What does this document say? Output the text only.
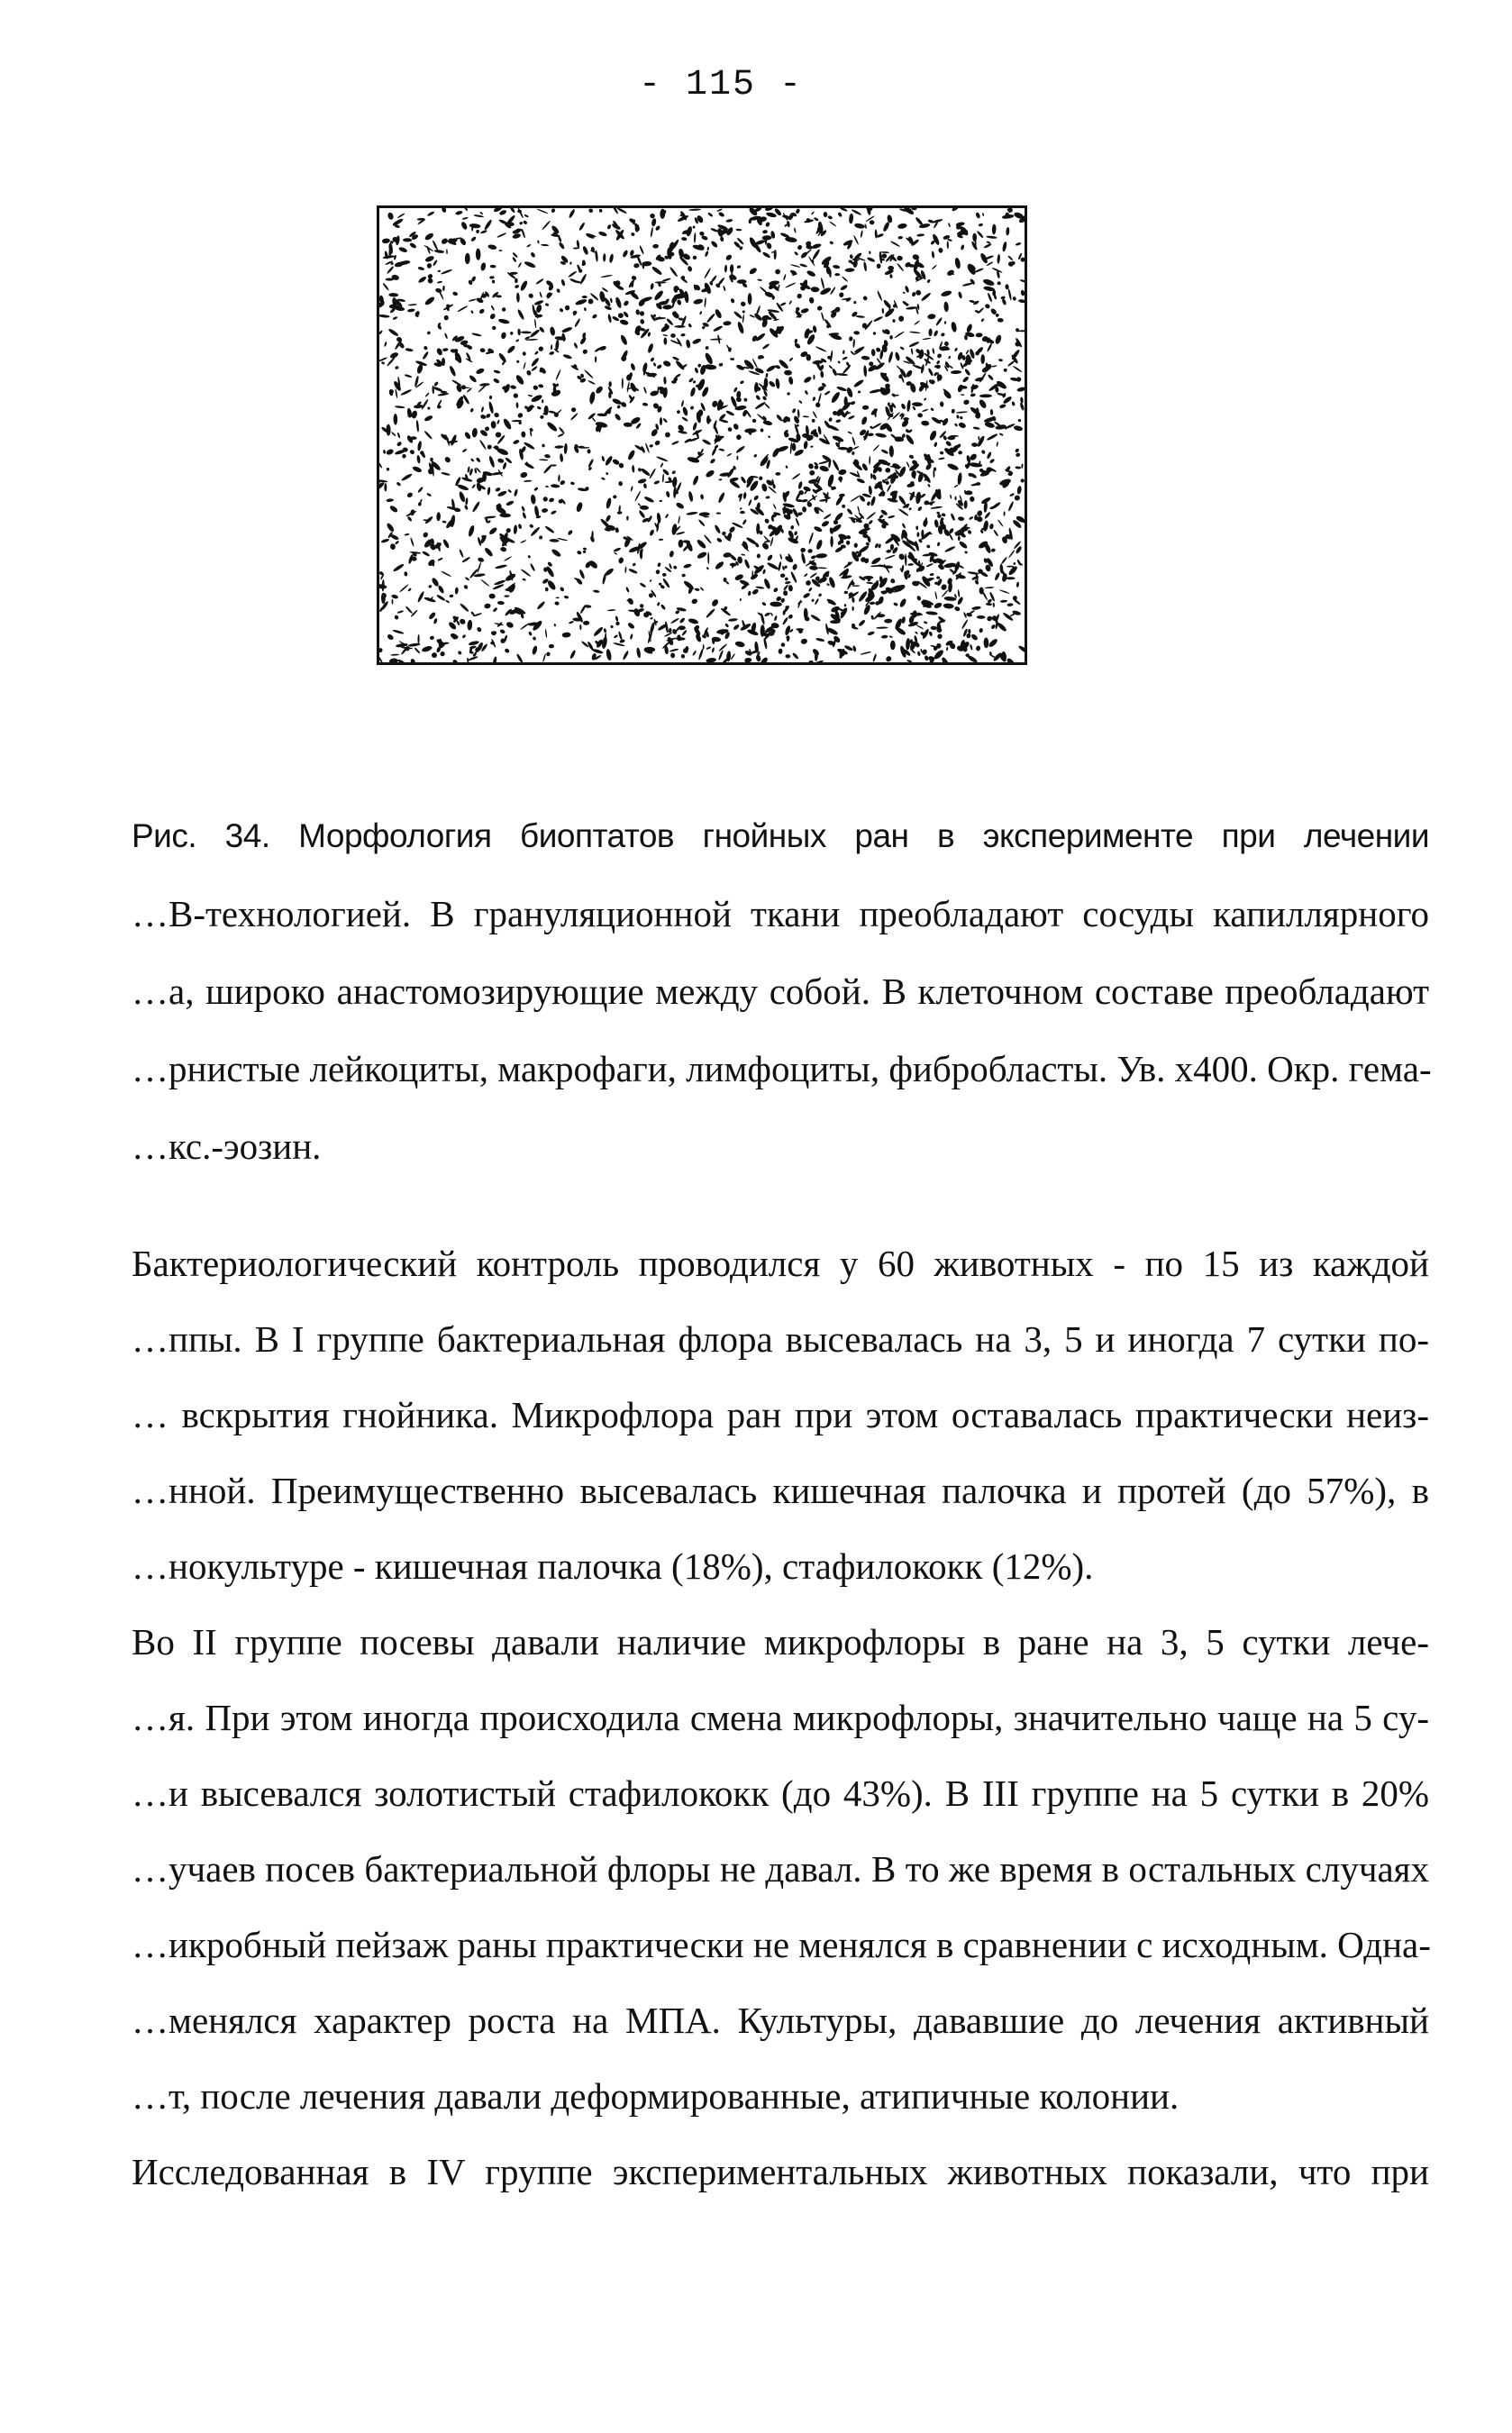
- 115 -
Рис. 34. Морфология биоптатов гнойных ран в эксперименте при лечении
…В-технологией. В грануляционной ткани преобладают сосуды капиллярного
…а, широко анастомозирующие между собой. В клеточном составе преобладают
…рнистые лейкоциты, макрофаги, лимфоциты, фибробласты. Ув. х400. Окр. гема-
…кс.-эозин.
Бактериологический контроль проводился у 60 животных - по 15 из каждой
…ппы. В I группе бактериальная флора высевалась на 3, 5 и иногда 7 сутки по-
… вскрытия гнойника. Микрофлора ран при этом оставалась практически неиз-
…нной. Преимущественно высевалась кишечная палочка и протей (до 57%), в
…нокультуре - кишечная палочка (18%), стафилококк (12%).
Во II группе посевы давали наличие микрофлоры в ране на 3, 5 сутки лече-
…я. При этом иногда происходила смена микрофлоры, значительно чаще на 5 су-
…и высевался золотистый стафилококк (до 43%). В III группе на 5 сутки в 20%
…учаев посев бактериальной флоры не давал. В то же время в остальных случаях
…икробный пейзаж раны практически не менялся в сравнении с исходным. Одна-
…менялся характер роста на МПА. Культуры, дававшие до лечения активный
…т, после лечения давали деформированные, атипичные колонии.
Исследованная в IV группе экспериментальных животных показали, что при
